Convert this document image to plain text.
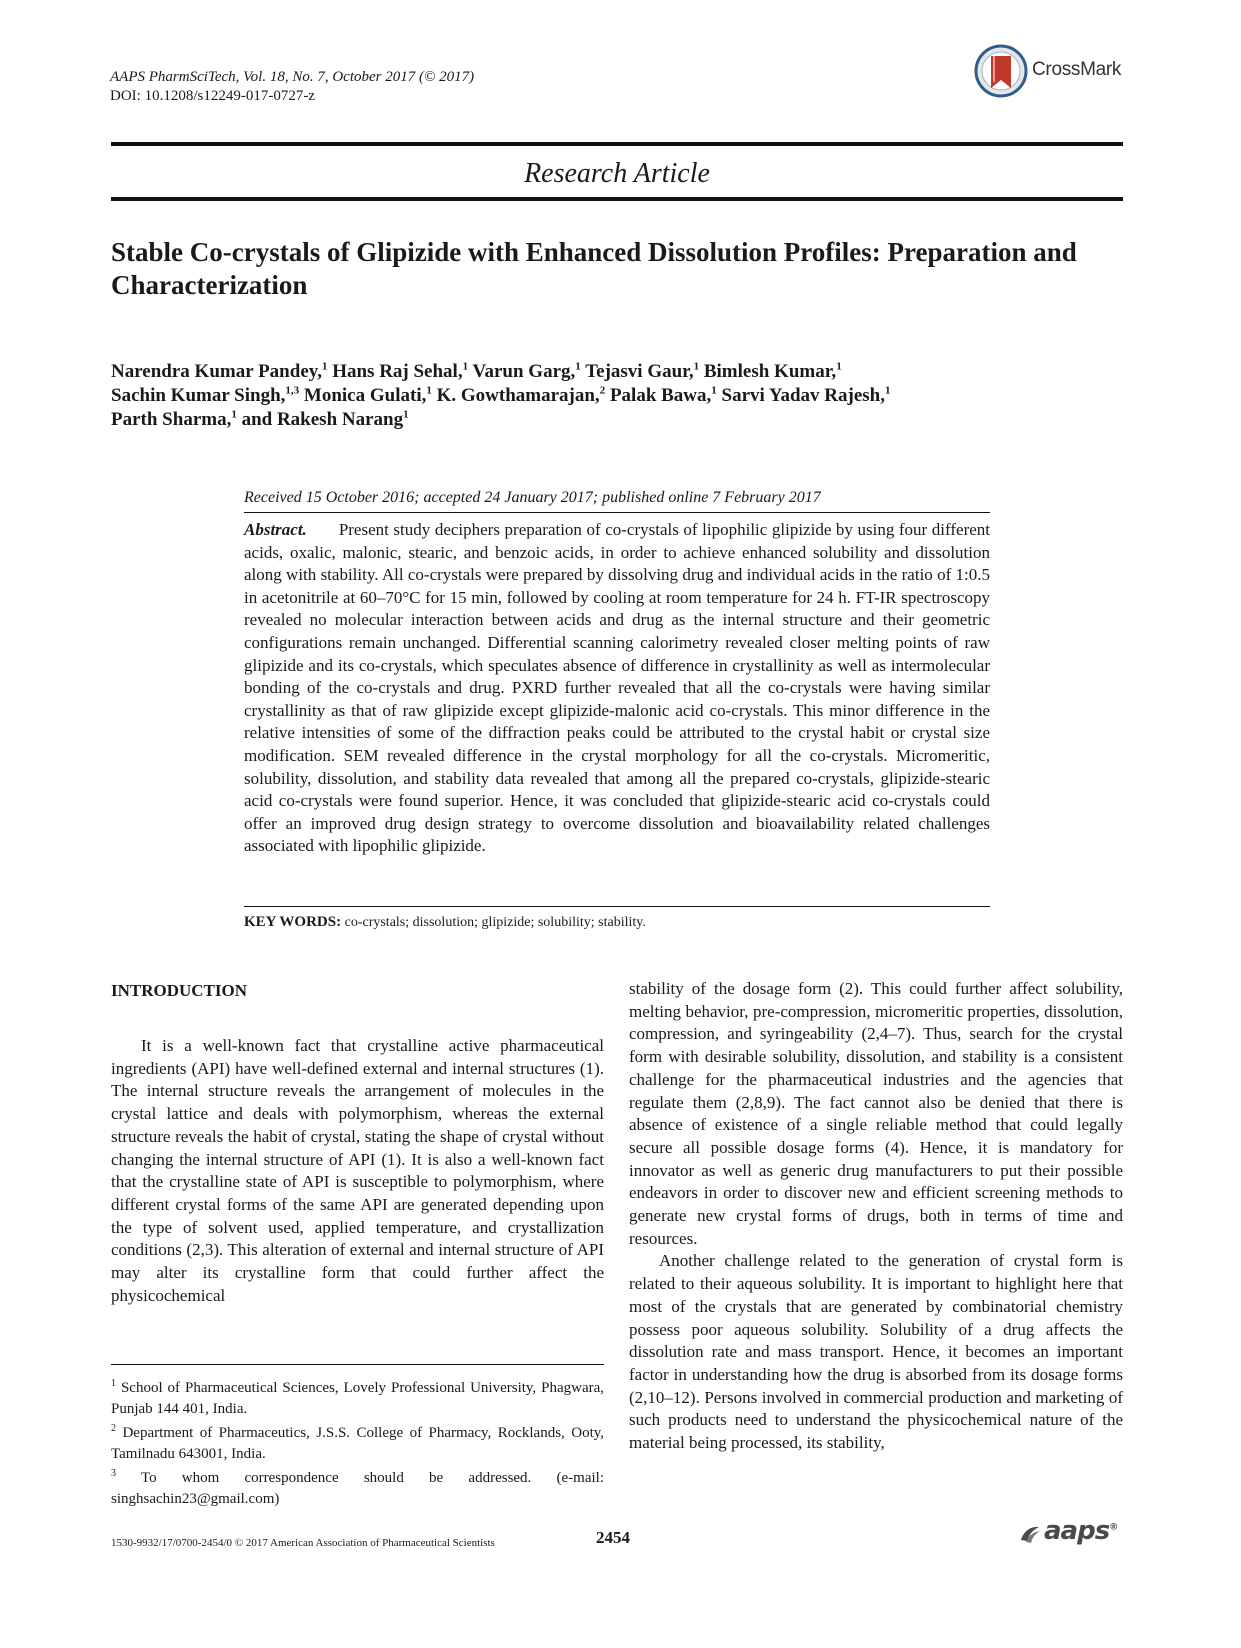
AAPS PharmSciTech, Vol. 18, No. 7, October 2017 (© 2017)
DOI: 10.1208/s12249-017-0727-z
CrossMark
Research Article
Stable Co-crystals of Glipizide with Enhanced Dissolution Profiles: Preparation and Characterization
Narendra Kumar Pandey,$^1$ Hans Raj Sehal,$^1$ Varun Garg,$^1$ Tejasvi Gaur,$^1$ Bimlesh Kumar,$^1$
Sachin Kumar Singh,$^{1,3}$ Monica Gulati,$^1$ K. Gowthamarajan,$^2$ Palak Bawa,$^1$ Sarvi Yadav Rajesh,$^1$
Parth Sharma,$^1$ and Rakesh Narang$^1$
Received 15 October 2016; accepted 24 January 2017; published online 7 February 2017
Abstract. Present study deciphers preparation of co-crystals of lipophilic glipizide by using four different acids, oxalic, malonic, stearic, and benzoic acids, in order to achieve enhanced solubility and dissolution along with stability. All co-crystals were prepared by dissolving drug and individual acids in the ratio of 1:0.5 in acetonitrile at 60–70°C for 15 min, followed by cooling at room temperature for 24 h. FT-IR spectroscopy revealed no molecular interaction between acids and drug as the internal structure and their geometric configurations remain unchanged. Differential scanning calorimetry revealed closer melting points of raw glipizide and its co-crystals, which speculates absence of difference in crystallinity as well as intermolecular bonding of the co-crystals and drug. PXRD further revealed that all the co-crystals were having similar crystallinity as that of raw glipizide except glipizide-malonic acid co-crystals. This minor difference in the relative intensities of some of the diffraction peaks could be attributed to the crystal habit or crystal size modification. SEM revealed difference in the crystal morphology for all the co-crystals. Micromeritic, solubility, dissolution, and stability data revealed that among all the prepared co-crystals, glipizide-stearic acid co-crystals were found superior. Hence, it was concluded that glipizide-stearic acid co-crystals could offer an improved drug design strategy to overcome dissolution and bioavailability related challenges associated with lipophilic glipizide.
KEY WORDS: co-crystals; dissolution; glipizide; solubility; stability.
INTRODUCTION

It is a well-known fact that crystalline active pharmaceutical ingredients (API) have well-defined external and internal structures (1). The internal structure reveals the arrangement of molecules in the crystal lattice and deals with polymorphism, whereas the external structure reveals the habit of crystal, stating the shape of crystal without changing the internal structure of API (1). It is also a well-known fact that the crystalline state of API is susceptible to polymorphism, where different crystal forms of the same API are generated depending upon the type of solvent used, applied temperature, and crystallization conditions (2,3). This alteration of external and internal structure of API may alter its crystalline form that could further affect the physicochemical

stability of the dosage form (2). This could further affect solubility, melting behavior, pre-compression, micromeritic properties, dissolution, compression, and syringeability (2,4–7). Thus, search for the crystal form with desirable solubility, dissolution, and stability is a consistent challenge for the pharmaceutical industries and the agencies that regulate them (2,8,9). The fact cannot also be denied that there is absence of existence of a single reliable method that could legally secure all possible dosage forms (4). Hence, it is mandatory for innovator as well as generic drug manufacturers to put their possible endeavors in order to discover new and efficient screening methods to generate new crystal forms of drugs, both in terms of time and resources.

Another challenge related to the generation of crystal form is related to their aqueous solubility. It is important to highlight here that most of the crystals that are generated by combinatorial chemistry possess poor aqueous solubility. Solubility of a drug affects the dissolution rate and mass transport. Hence, it becomes an important factor in understanding how the drug is absorbed from its dosage forms (2,10–12). Persons involved in commercial production and marketing of such products need to understand the physicochemical nature of the material being processed, its stability,

$^1$ School of Pharmaceutical Sciences, Lovely Professional University, Phagwara, Punjab 144 401, India.

$^2$ Department of Pharmaceutics, J.S.S. College of Pharmacy, Rocklands, Ooty, Tamilnadu 643001, India.

$^3$ To whom correspondence should be addressed. (e-mail: singhsachin23@gmail.com)

1530-9932/17/0700-2454/0 © 2017 American Association of Pharmaceutical Scientists	2454	aaps®
